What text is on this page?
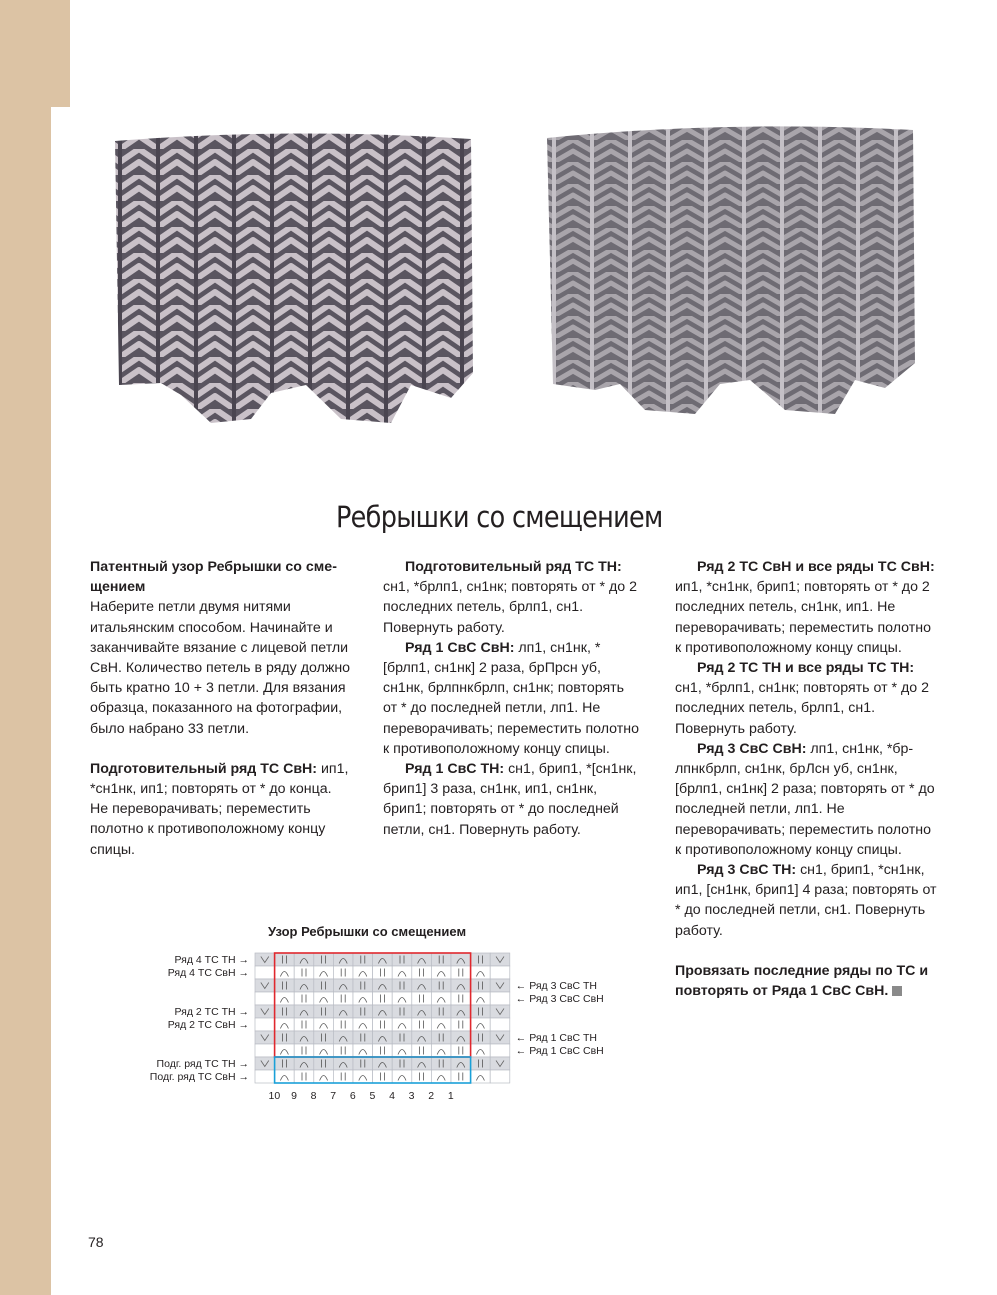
Ребрышки со смещением

Патентный узор Ребрышки со смещением

Наберите петли двумя нитями итальянским способом. Начинайте и заканчивайте вязание с лицевой петли СвН. Количество петель в ряду должно быть кратно 10 + 3 петли. Для вязания образца, показанного на фотографии, было набрано 33 петли.

Подготовительный ряд ТС СвН: ип1, *сн1нк, ип1; повторять от * до конца. Не переворачивать; переместить полотно к противоположному концу спицы.

Подготовительный ряд ТС ТН: сн1, *брлп1, сн1нк; повторять от * до 2 последних петель, брлп1, сн1. Повернуть работу.

Ряд 1 СвС СвН: лп1, сн1нк, *[брлп1, сн1нк] 2 раза, брПрсн уб, сн1нк, брлпнкбрлп, сн1нк; повторять от * до последней петли, лп1. Не переворачивать; переместить полотно к противоположному концу спицы.

Ряд 1 СвС ТН: сн1, брип1, *[сн1нк, брип1] 3 раза, сн1нк, ип1, сн1нк, брип1; повторять от * до последней петли, сн1. Повернуть работу.

Ряд 2 ТС СвН и все ряды ТС СвН: ип1, *сн1нк, брип1; повторять от * до 2 последних петель, сн1нк, ип1. Не переворачивать; переместить полотно к противоположному концу спицы.

Ряд 2 ТС ТН и все ряды ТС ТН: сн1, *брлп1, сн1нк; повторять от * до 2 последних петель, брлп1, сн1. Повернуть работу.

Ряд 3 СвС СвН: лп1, сн1нк, *брлпнкбрлп, сн1нк, брЛсн уб, сн1нк, [брлп1, сн1нк] 2 раза; повторять от * до последней петли, лп1. Не переворачивать; переместить полотно к противоположному концу спицы.

Ряд 3 СвС ТН: сн1, брип1, *сн1нк, ип1, [сн1нк, брип1] 4 раза; повторять от * до последней петли, сн1. Повернуть работу.

Провязать последние ряды по ТС и повторять от Ряда 1 СвС СвН.

Узор Ребрышки со смещением
Ряд 4 ТС ТН →
Ряд 4 ТС СвН →
Ряд 2 ТС ТН →
Ряд 2 ТС СвН →
Подг. ряд ТС ТН →
Подг. ряд ТС СвН →
← Ряд 3 СвС ТН
← Ряд 3 СвС СвН
← Ряд 1 СвС ТН
← Ряд 1 СвС СвН
10 9 8 7 6 5 4 3 2 1
78
